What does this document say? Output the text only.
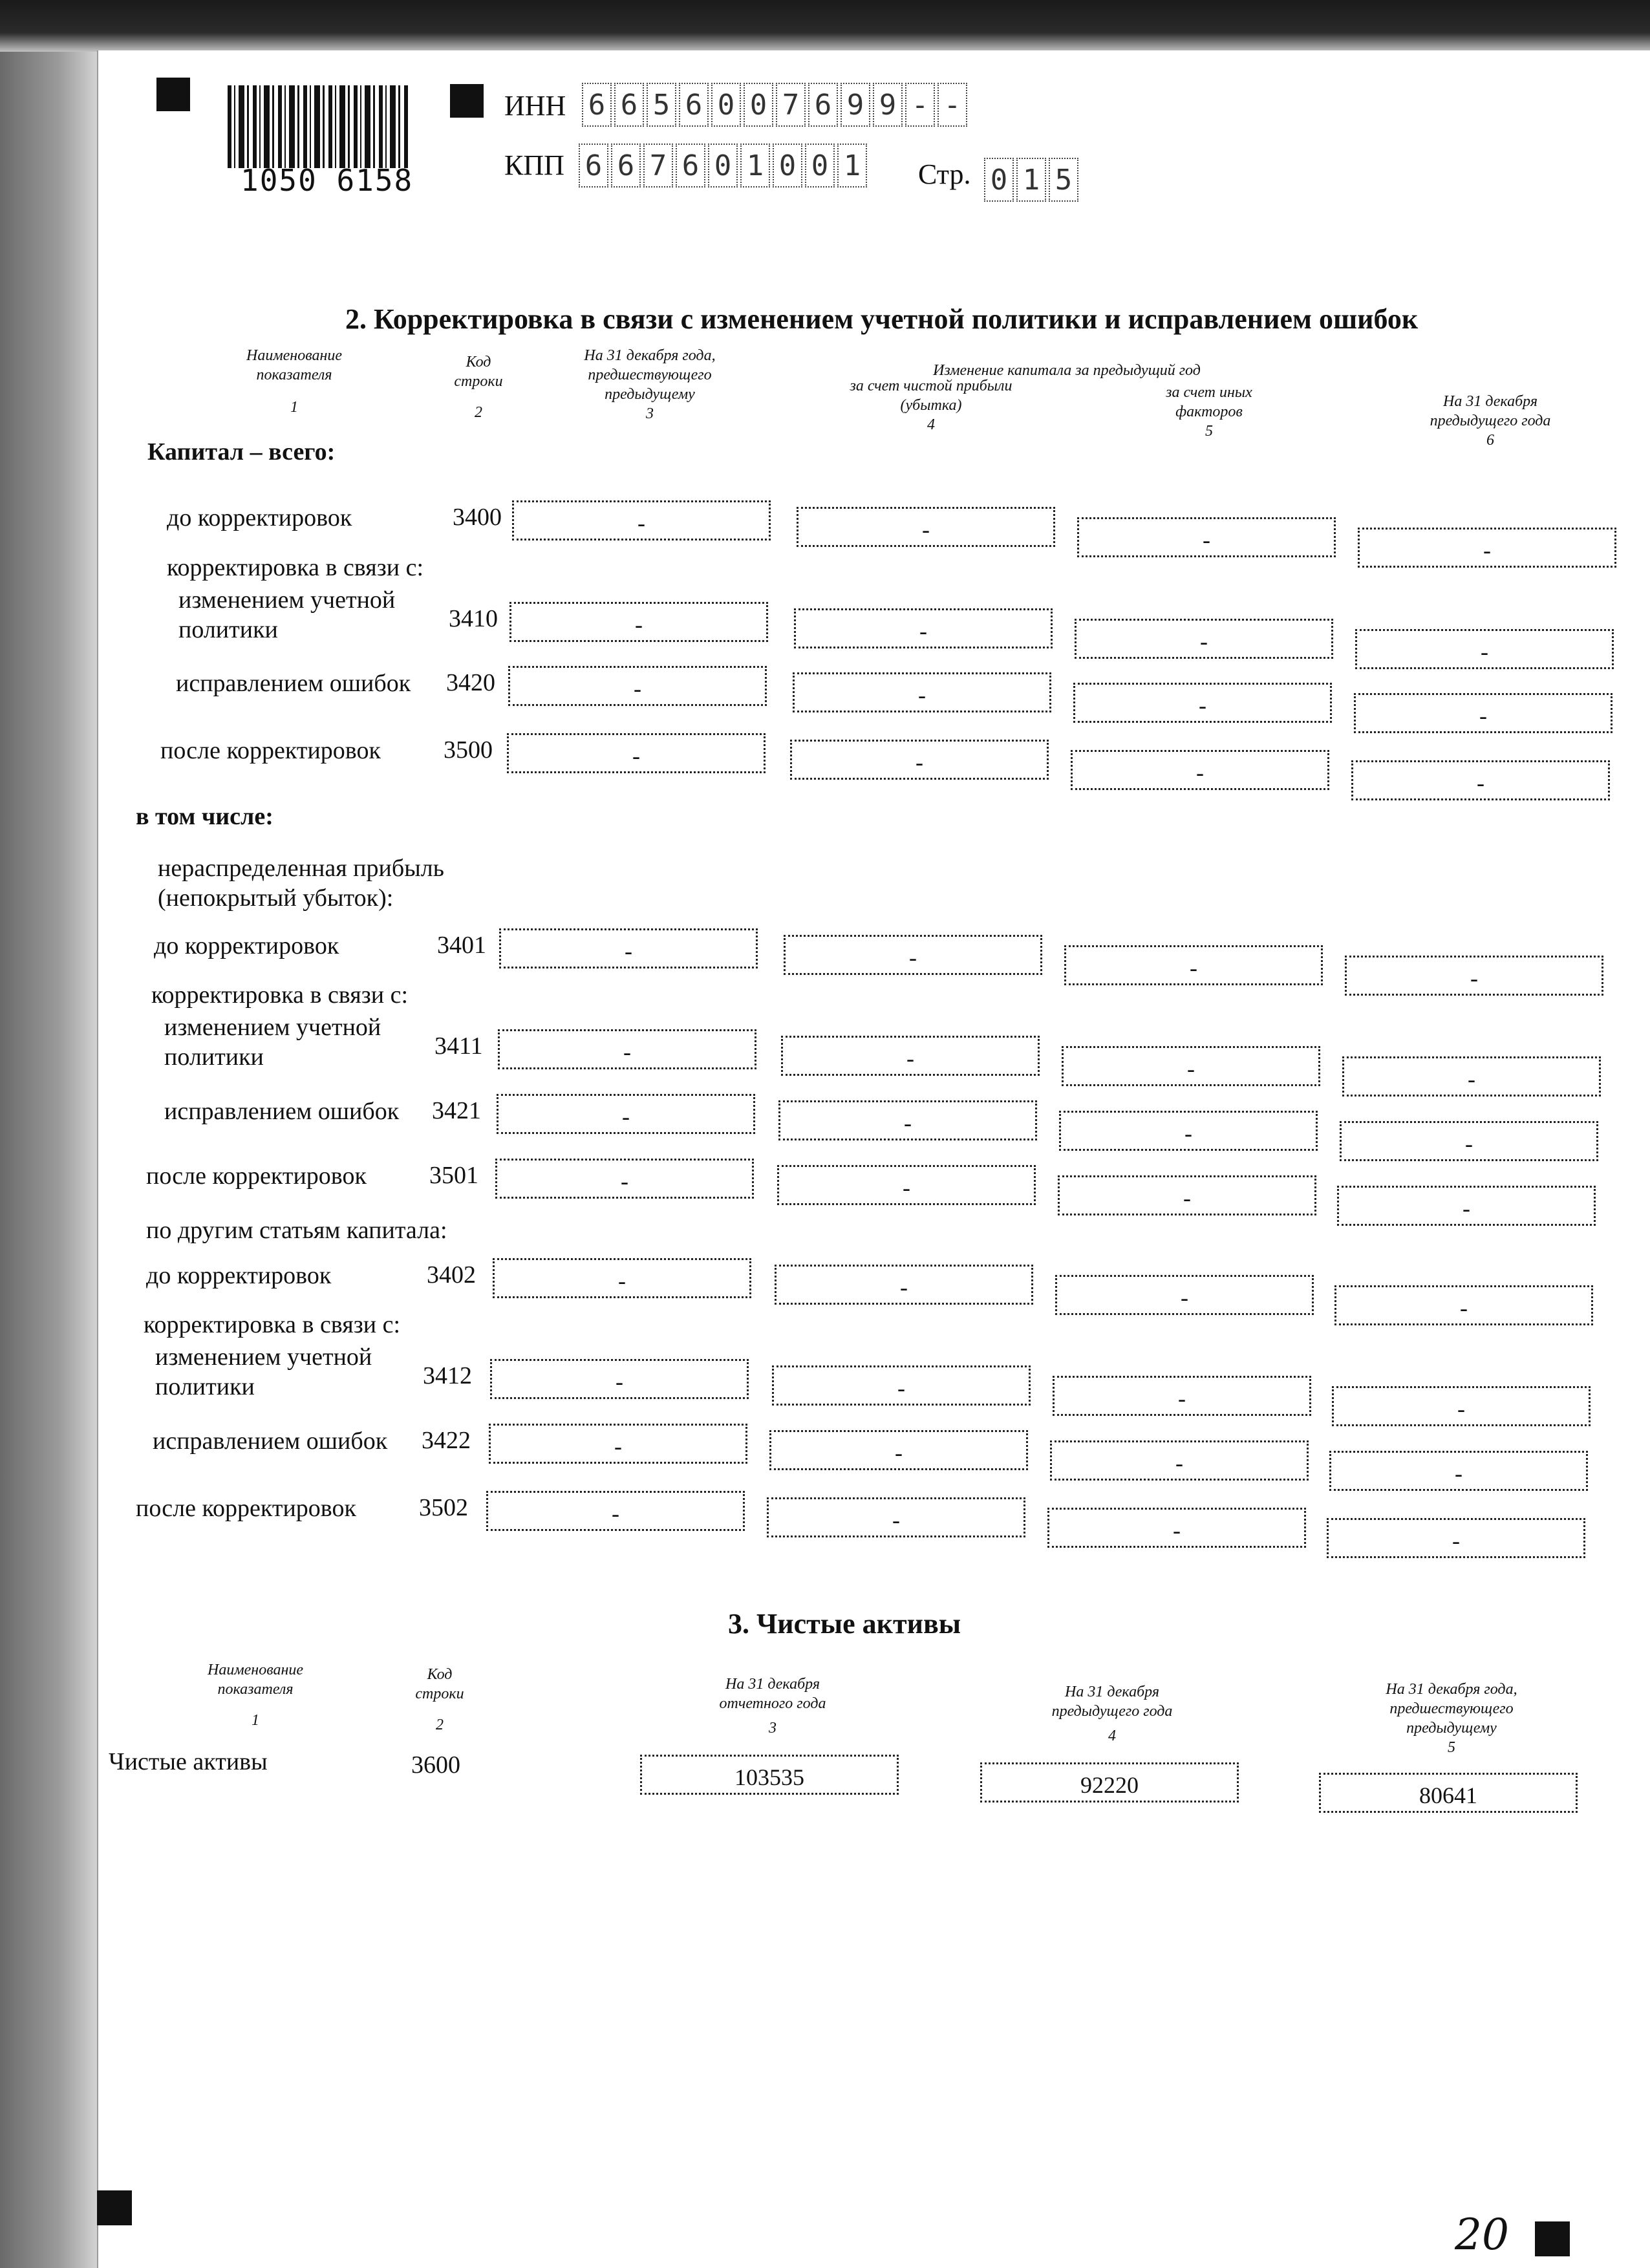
1050 6158
ИНН 6 6 5 6 0 0 7 6 9 9 - -
КПП 6 6 7 6 0 1 0 0 1 Стр. 0 1 5
2. Корректировка в связи с изменением учетной политики и исправлением ошибок
Наименование показателя
1
Код строки
2
На 31 декабря года, предшествующего предыдущему
3
Изменение капитала за предыдущий год
за счет чистой прибыли (убытка)
4
за счет иных факторов
5
На 31 декабря предыдущего года
6
Капитал – всего:
в том числе:
нераспределенная прибыль
(непокрытый убыток):
по другим статьям капитала:
до корректировок	3400	-	-	-	-
корректировка в связи с:
изменением учетной
политики	3410	-	-	-	-
исправлением ошибок 3420	-	-	-	-
после корректировок	3500	-	-	-	-
до корректировок	3401	-	-	-	-
корректировка в связи с:
изменением учетной
политики	3411	-	-	-	-
исправлением ошибок 3421	-	-	-	-
после корректировок	3501	-	-	-	-
до корректировок	3402	-	-	-	-
корректировка в связи с:
изменением учетной
политики	3412	-	-	-	-
исправлением ошибок 3422	-	-	-	-
после корректировок	3502	-	-	-	-
3. Чистые активы
Наименование показателя
1
Код строки
2
На 31 декабря отчетного года
3
На 31 декабря предыдущего года
4
На 31 декабря года, предшествующего предыдущему
5
Чистые активы	3600	103535	92220	80641
20
